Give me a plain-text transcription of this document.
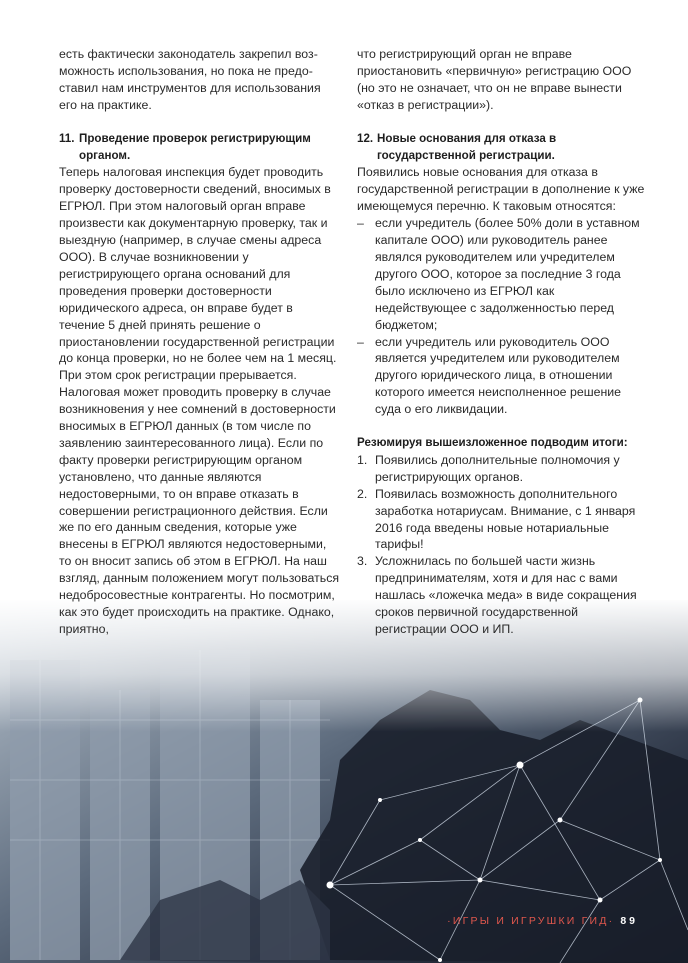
есть фактически законодатель закрепил воз-можность использования, но пока не предо-ставил нам инструментов для использования его на практике.

11. Проведение проверок регистрирующим органом.

Теперь налоговая инспекция будет проводить проверку достоверности сведений, вносимых в ЕГРЮЛ. При этом налоговый орган вправе произвести как документарную проверку, так и выездную (например, в случае смены адреса ООО). В случае возникновении у регистрирующего органа оснований для проведения проверки достоверности юридического адреса, он вправе будет в течение 5 дней принять решение о приостановлении государственной регистрации до конца проверки, но не более чем на 1 месяц. При этом срок регистрации прерывается. Налоговая может проводить проверку в случае возникновения у нее сомнений в достоверности вносимых в ЕГРЮЛ данных (в том числе по заявлению заинтересованного лица). Если по факту проверки регистрирующим органом установлено, что данные являются недостоверными, то он вправе отказать в совершении регистрационного действия. Если же по его данным сведения, которые уже внесены в ЕГРЮЛ являются недостоверными, то он вносит запись об этом в ЕГРЮЛ. На наш взгляд, данным положением могут пользоваться недобросовестные контрагенты. Но посмотрим, как это будет происходить на практике. Однако, приятно,

что регистрирующий орган не вправе приостановить «первичную» регистрацию ООО (но это не означает, что он не вправе вынести «отказ в регистрации»).

12. Новые основания для отказа в государственной регистрации.

Появились новые основания для отказа в государственной регистрации в дополнение к уже имеющемуся перечню. К таковым относятся:

– если учредитель (более 50% доли в уставном капитале ООО) или руководитель ранее являлся руководителем или учредителем другого ООО, которое за последние 3 года было исключено из ЕГРЮЛ как недействующее с задолженностью перед бюджетом;
– если учредитель или руководитель ООО является учредителем или руководителем другого юридического лица, в отношении которого имеется неисполненное решение суда о его ликвидации.

Резюмируя вышеизложенное подводим итоги:

1. Появились дополнительные полномочия у регистрирующих органов.
2. Появилась возможность дополнительного заработка нотариусам. Внимание, с 1 января 2016 года введены новые нотариальные тарифы!
3. Усложнилась по большей части жизнь предпринимателям, хотя и для нас с вами нашлась «ложечка меда» в виде сокращения сроков первичной государственной регистрации ООО и ИП.
·ИГРЫ И ИГРУШКИ ГИД· 89
